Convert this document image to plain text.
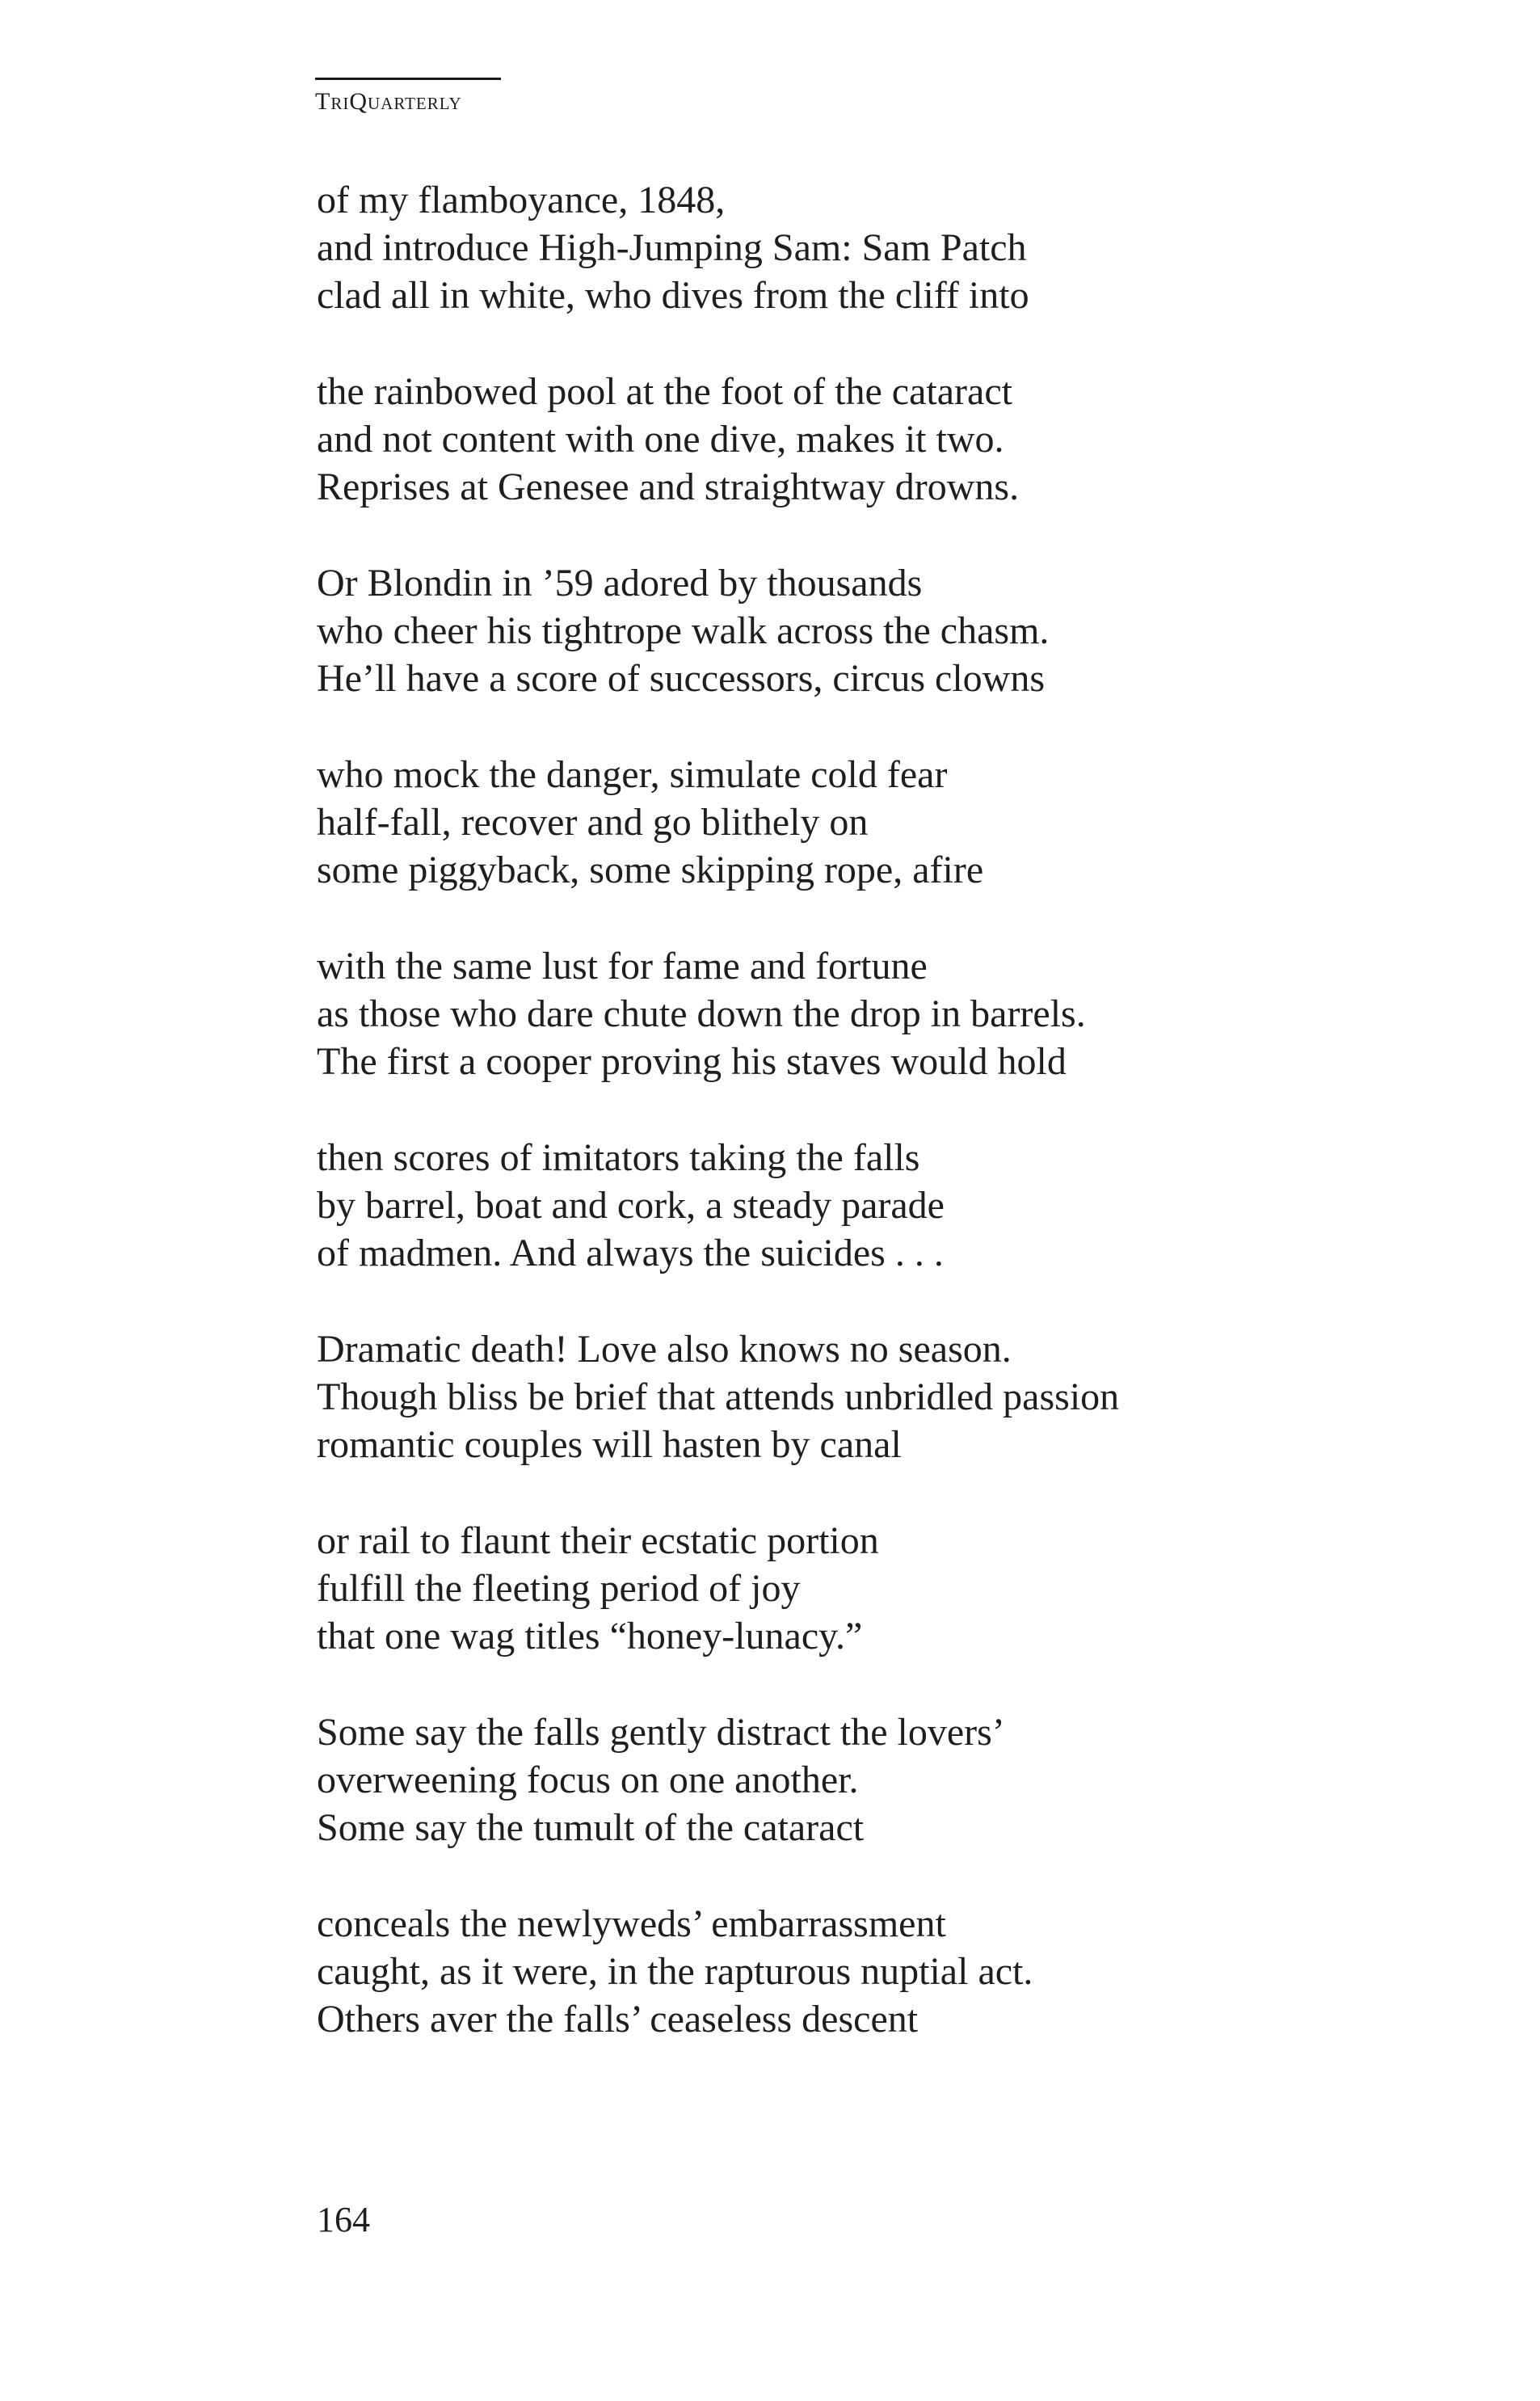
TriQuarterly
of my flamboyance, 1848,
and introduce High-Jumping Sam: Sam Patch
clad all in white, who dives from the cliff into
the rainbowed pool at the foot of the cataract
and not content with one dive, makes it two.
Reprises at Genesee and straightway drowns.
Or Blondin in ’59 adored by thousands
who cheer his tightrope walk across the chasm.
He’ll have a score of successors, circus clowns
who mock the danger, simulate cold fear
half-fall, recover and go blithely on
some piggyback, some skipping rope, afire
with the same lust for fame and fortune
as those who dare chute down the drop in barrels.
The first a cooper proving his staves would hold
then scores of imitators taking the falls
by barrel, boat and cork, a steady parade
of madmen. And always the suicides . . .
Dramatic death! Love also knows no season.
Though bliss be brief that attends unbridled passion
romantic couples will hasten by canal
or rail to flaunt their ecstatic portion
fulfill the fleeting period of joy
that one wag titles “honey-lunacy.”
Some say the falls gently distract the lovers’
overweening focus on one another.
Some say the tumult of the cataract
conceals the newlyweds’ embarrassment
caught, as it were, in the rapturous nuptial act.
Others aver the falls’ ceaseless descent
164
